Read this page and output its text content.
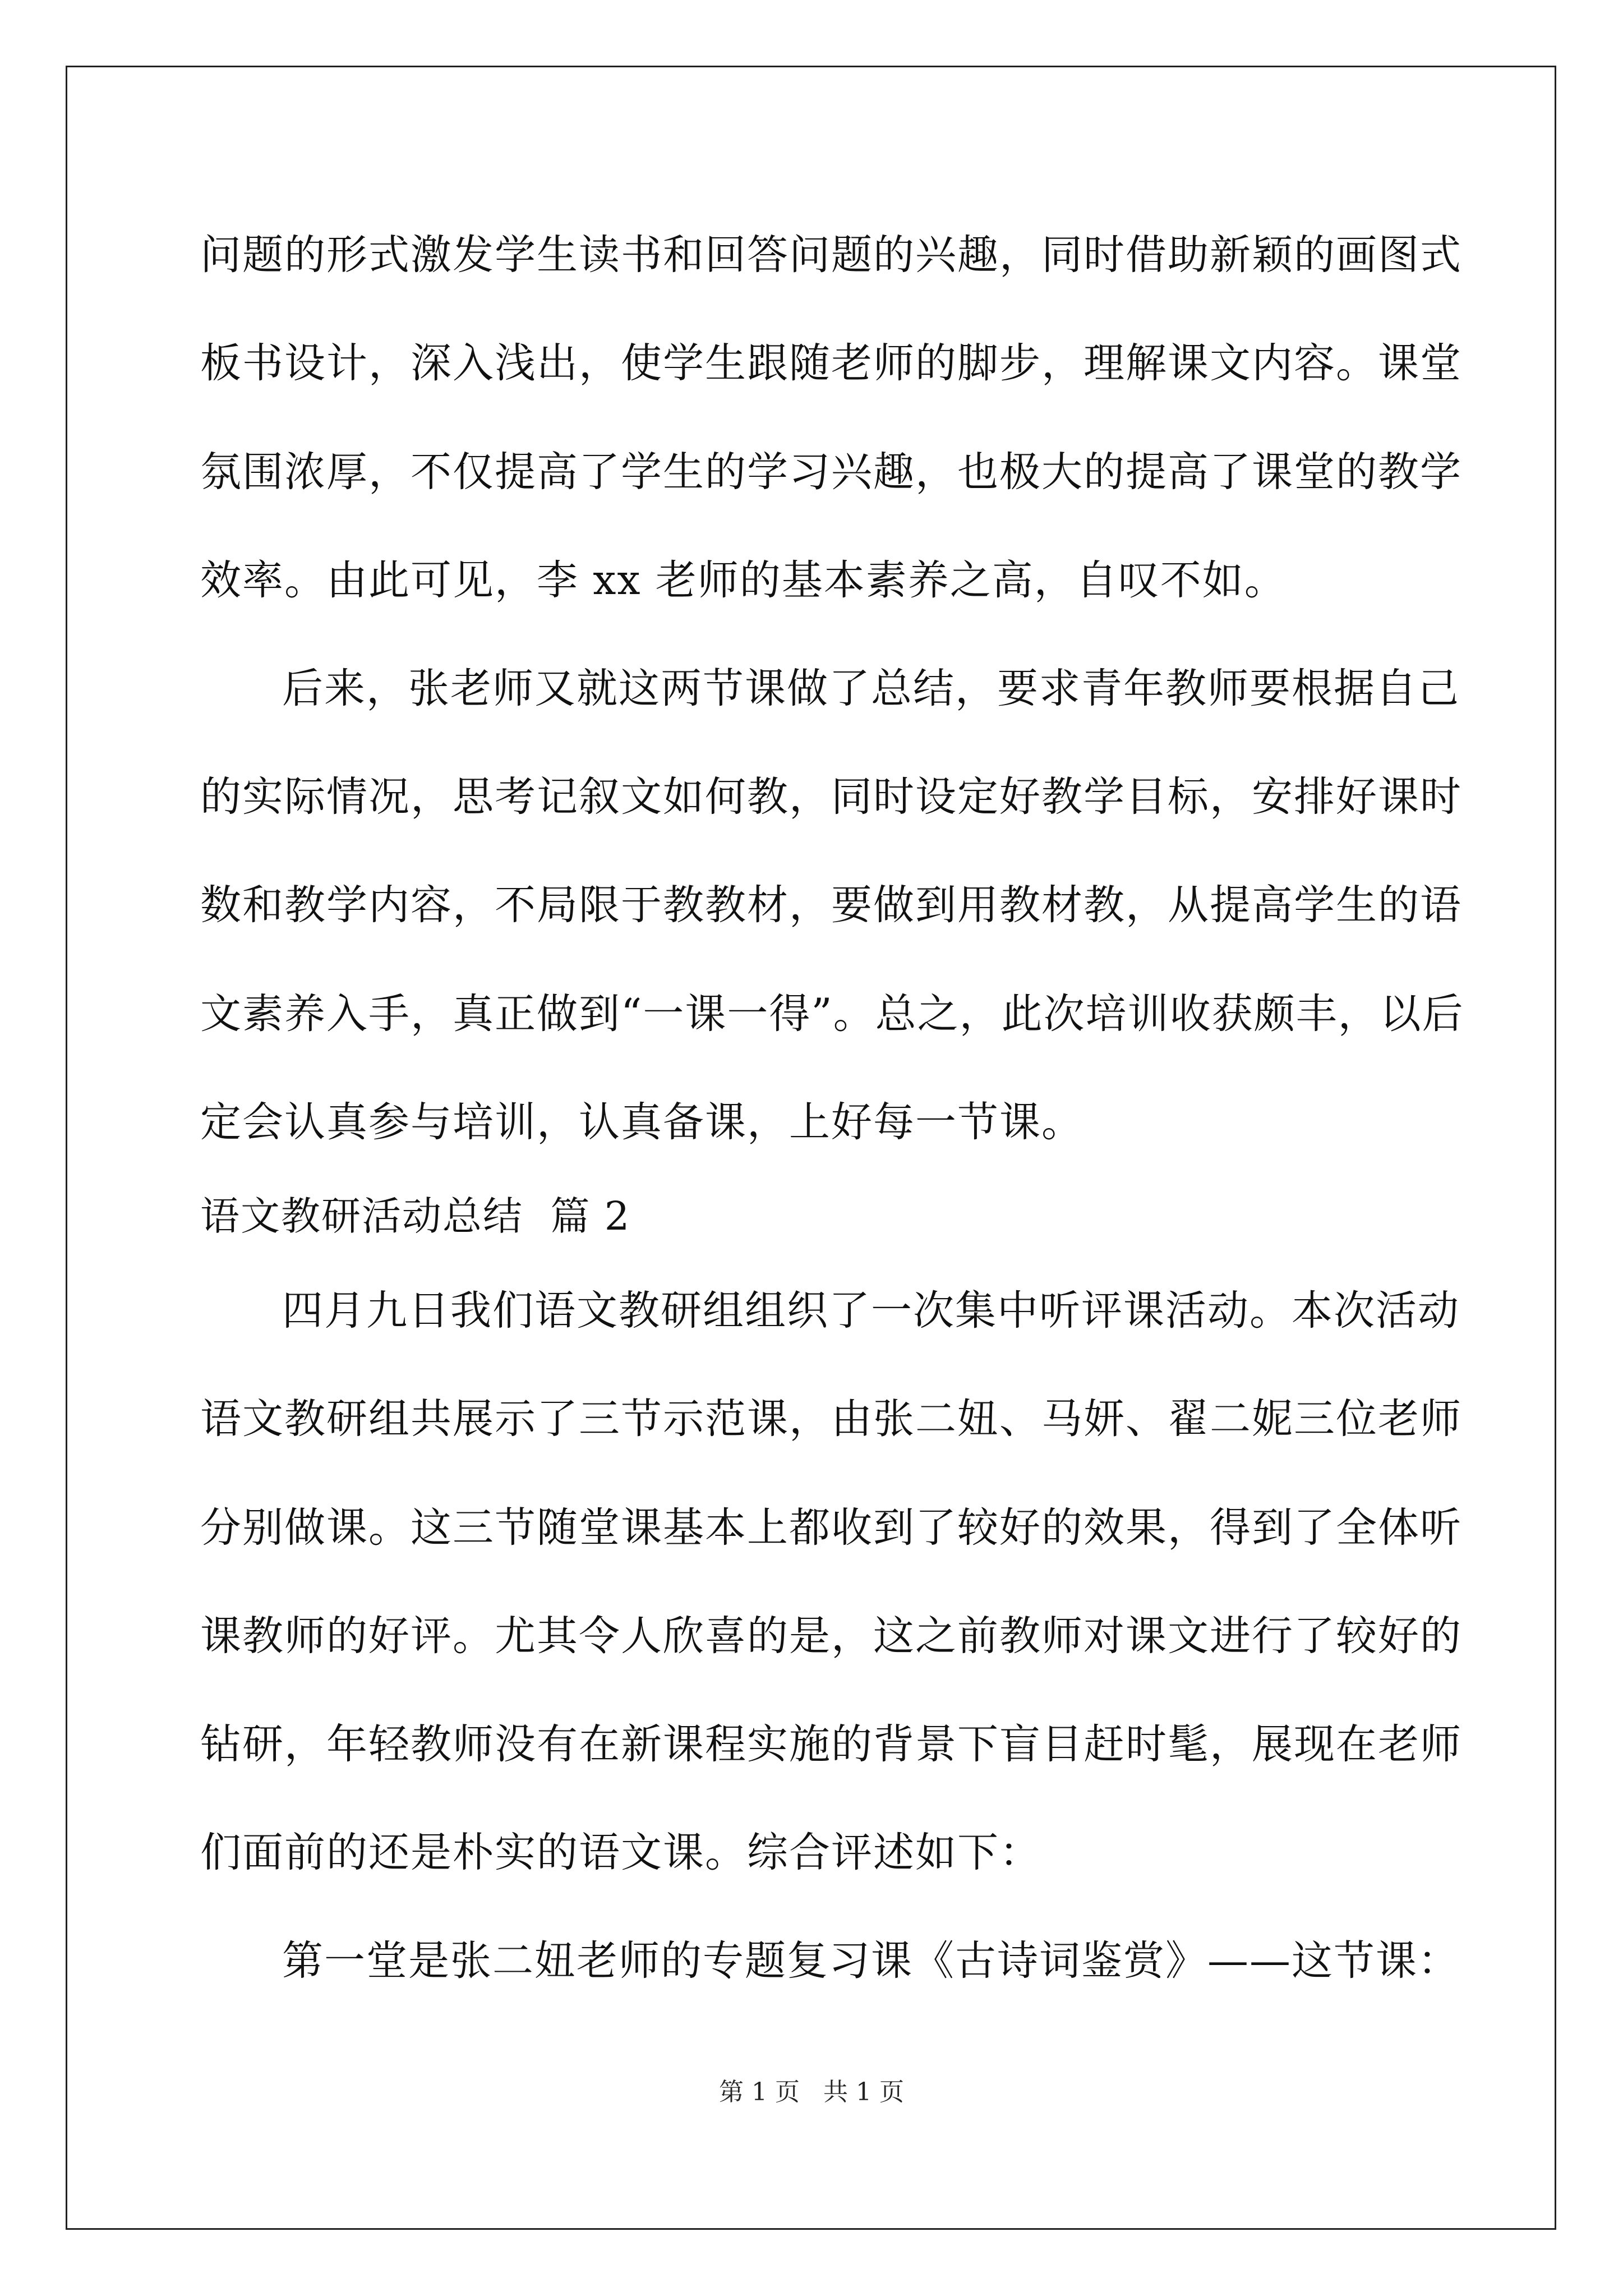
问题的形式激发学生读书和回答问题的兴趣，同时借助新颖的画图式
板书设计，深入浅出，使学生跟随老师的脚步，理解课文内容。课堂
氛围浓厚，不仅提高了学生的学习兴趣，也极大的提高了课堂的教学
效率。由此可见，李 xx 老师的基本素养之高，自叹不如。
后来，张老师又就这两节课做了总结，要求青年教师要根据自己
的实际情况，思考记叙文如何教，同时设定好教学目标，安排好课时
数和教学内容，不局限于教教材，要做到用教材教，从提高学生的语
文素养入手，真正做到“一课一得”。总之，此次培训收获颇丰，以后
定会认真参与培训，认真备课，上好每一节课。
语文教研活动总结  篇 2
四月九日我们语文教研组组织了一次集中听评课活动。本次活动
语文教研组共展示了三节示范课，由张二妞、马妍、翟二妮三位老师
分别做课。这三节随堂课基本上都收到了较好的效果，得到了全体听
课教师的好评。尤其令人欣喜的是，这之前教师对课文进行了较好的
钻研，年轻教师没有在新课程实施的背景下盲目赶时髦，展现在老师
们面前的还是朴实的语文课。综合评述如下：
第一堂是张二妞老师的专题复习课《古诗词鉴赏》——这节课：
第 1 页   共 1 页
